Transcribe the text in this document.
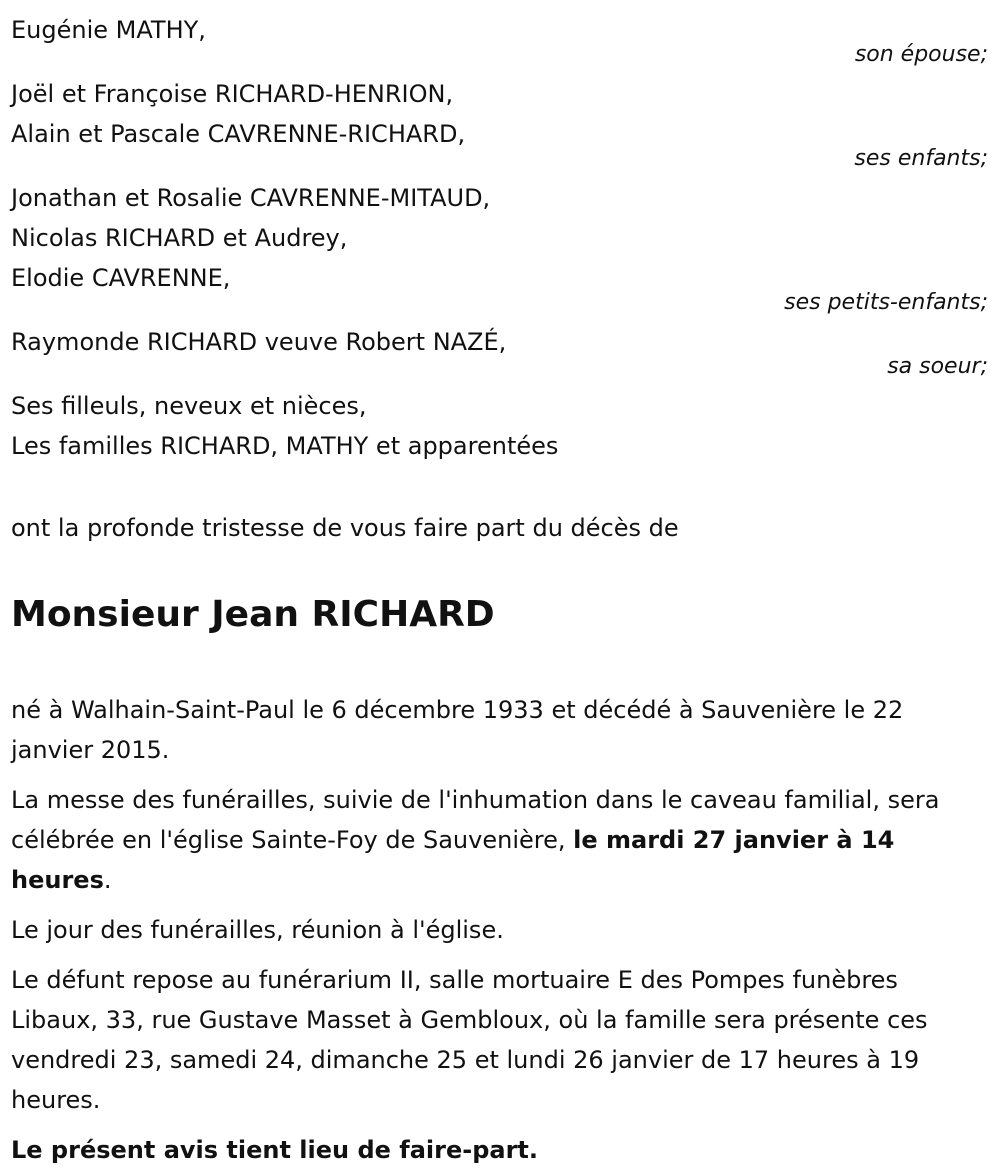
Eugénie MATHY,
son épouse;
Joël et Françoise RICHARD-HENRION,
Alain et Pascale CAVRENNE-RICHARD,
ses enfants;
Jonathan et Rosalie CAVRENNE-MITAUD,
Nicolas RICHARD et Audrey,
Elodie CAVRENNE,
ses petits-enfants;
Raymonde RICHARD veuve Robert NAZÉ,
sa soeur;
Ses filleuls, neveux et nièces,
Les familles RICHARD, MATHY et apparentées
ont la profonde tristesse de vous faire part du décès de
Monsieur Jean RICHARD

né à Walhain-Saint-Paul le 6 décembre 1933 et décédé à Sauvenière le 22 janvier 2015.

La messe des funérailles, suivie de l'inhumation dans le caveau familial, sera célébrée en l'église Sainte-Foy de Sauvenière, le mardi 27 janvier à 14 heures.

Le jour des funérailles, réunion à l'église.

Le défunt repose au funérarium II, salle mortuaire E des Pompes funèbres Libaux, 33, rue Gustave Masset à Gembloux, où la famille sera présente ces vendredi 23, samedi 24, dimanche 25 et lundi 26 janvier de 17 heures à 19 heures.

Le présent avis tient lieu de faire-part.
